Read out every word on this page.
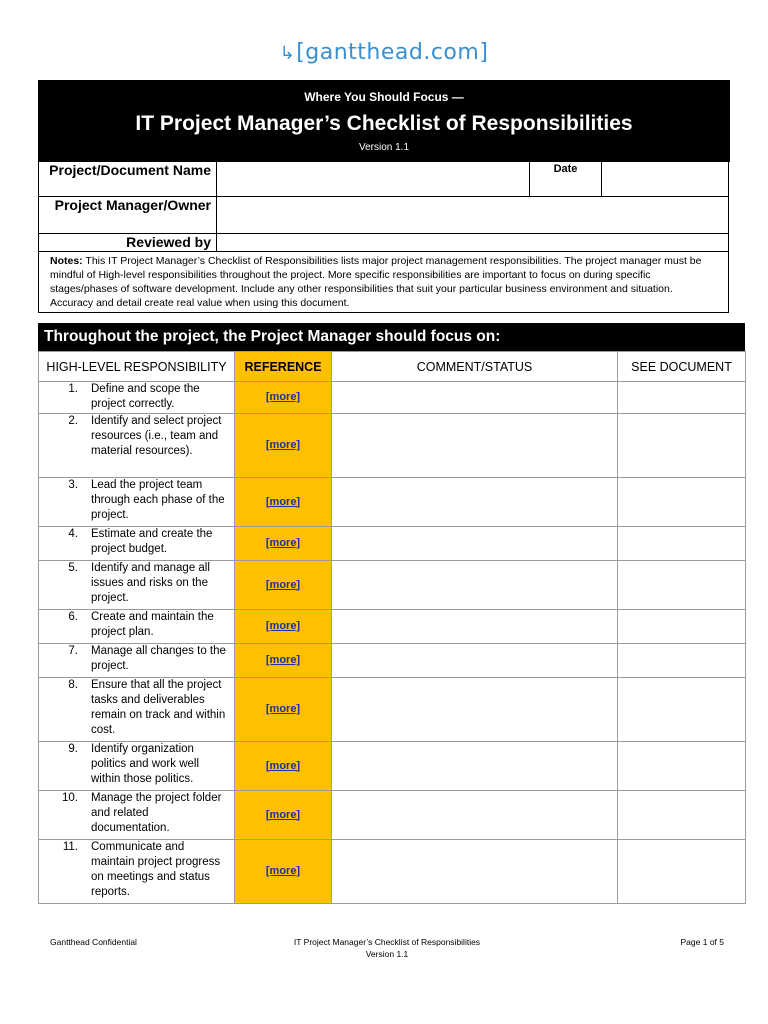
↳[gantthead.com]
Where You Should Focus —
IT Project Manager’s Checklist of Responsibilities
Version 1.1
Project/Document Name		Date	
Project Manager/Owner			
Reviewed by			
Notes: This IT Project Manager’s Checklist of Responsibilities lists major project management responsibilities. The project manager must be mindful of High-level responsibilities throughout the project. More specific responsibilities are important to focus on during specific stages/phases of software development. Include any other responsibilities that suit your particular business environment and situation. Accuracy and detail create real value when using this document.			
Throughout the project, the Project Manager should focus on:
HIGH-LEVEL RESPONSIBILITY	REFERENCE	COMMENT/STATUS	SEE DOCUMENT

1. Define and scope the project correctly.	[more]		

2. Identify and select project resources (i.e., team and material resources).	[more]		

3. Lead the project team through each phase of the project.	[more]		

4. Estimate and create the project budget.	[more]		

5. Identify and manage all issues and risks on the project.	[more]		

6. Create and maintain the project plan.	[more]		

7. Manage all changes to the project.	[more]		

8. Ensure that all the project tasks and deliverables remain on track and within cost.	[more]		

9. Identify organization politics and work well within those politics.	[more]		

10. Manage the project folder and related documentation.	[more]		

11. Communicate and maintain project progress on meetings and status reports.	[more]		
Gantthead Confidential	IT Project Manager’s Checklist of Responsibilities
Version 1.1
Page 1 of 5
